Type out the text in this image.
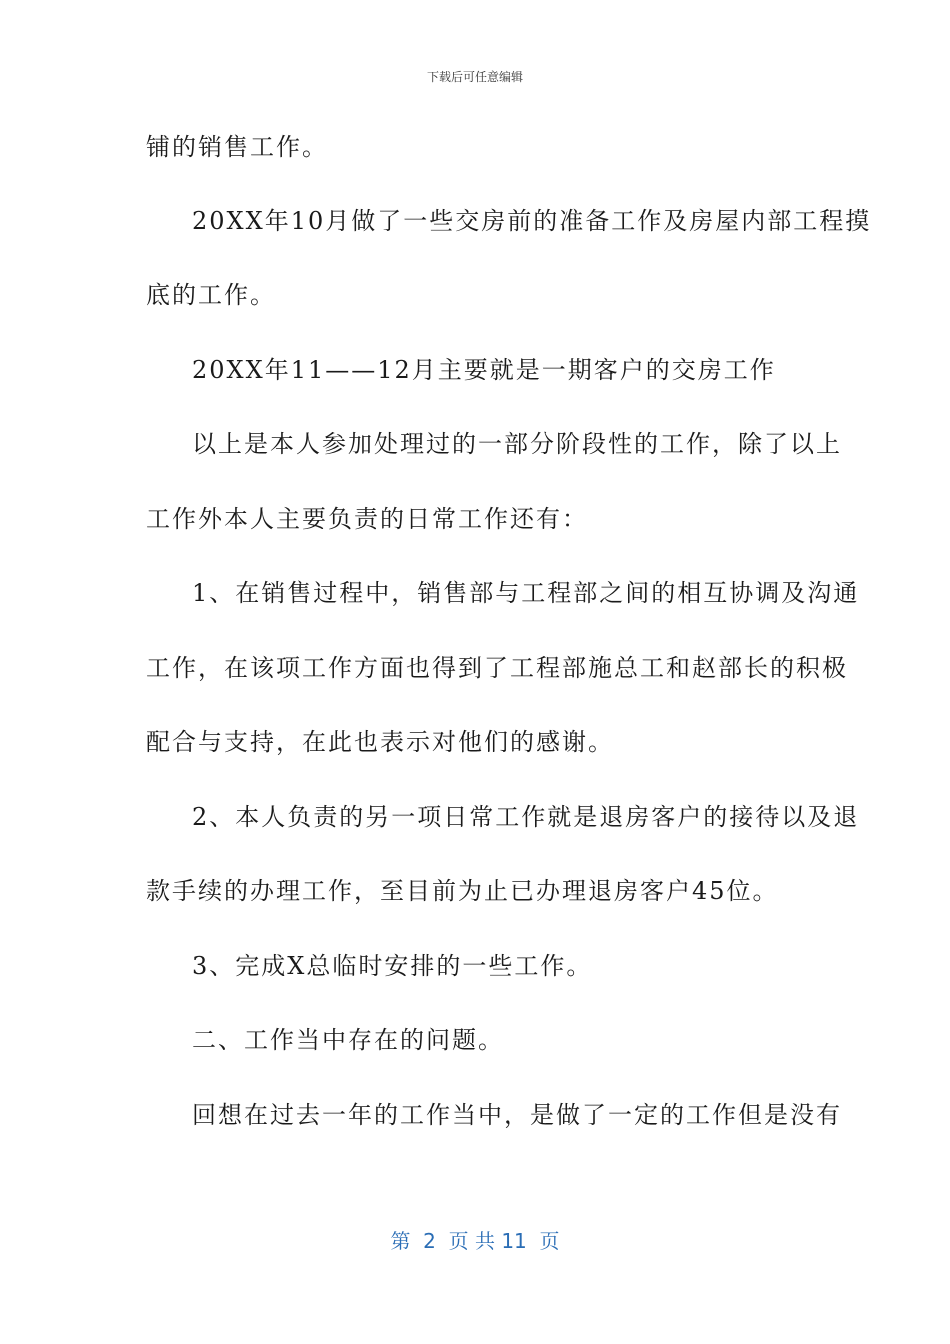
下载后可任意编辑
铺的销售工作。
20XX年10月做了一些交房前的准备工作及房屋内部工程摸
底的工作。
20XX年11——12月主要就是一期客户的交房工作
以上是本人参加处理过的一部分阶段性的工作，除了以上
工作外本人主要负责的日常工作还有：
1、在销售过程中，销售部与工程部之间的相互协调及沟通
工作，在该项工作方面也得到了工程部施总工和赵部长的积极
配合与支持，在此也表示对他们的感谢。
2、本人负责的另一项日常工作就是退房客户的接待以及退
款手续的办理工作，至目前为止已办理退房客户45位。
3、完成X总临时安排的一些工作。
二、工作当中存在的问题。
回想在过去一年的工作当中，是做了一定的工作但是没有
第  2  页 共 11  页
